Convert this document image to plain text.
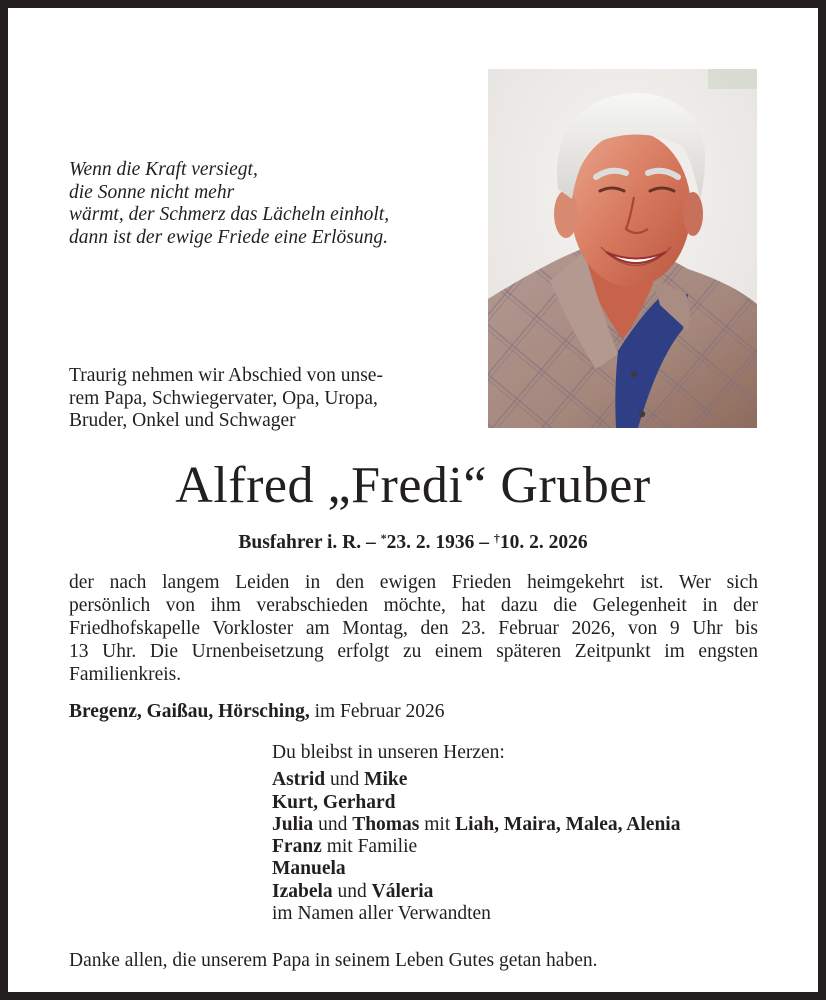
Wenn die Kraft versiegt,
die Sonne nicht mehr
wärmt, der Schmerz das Lächeln einholt,
dann ist der ewige Friede eine Erlösung.
Traurig nehmen wir Abschied von unse-
rem Papa, Schwiegervater, Opa, Uropa,
Bruder, Onkel und Schwager
Alfred „Fredi“ Gruber
Busfahrer i. R. – *23. 2. 1936 – †10. 2. 2026
der nach langem Leiden in den ewigen Frieden heimgekehrt ist. Wer sich
persönlich von ihm verabschieden möchte, hat dazu die Gelegenheit in der
Friedhofskapelle Vorkloster am Montag, den 23. Februar 2026, von 9 Uhr bis
13 Uhr. Die Urnenbeisetzung erfolgt zu einem späteren Zeitpunkt im engsten
Familienkreis.
Bregenz, Gaißau, Hörsching, im Februar 2026
Du bleibst in unseren Herzen:
Astrid und Mike
Kurt, Gerhard
Julia und Thomas mit Liah, Maira, Malea, Alenia
Franz mit Familie
Manuela
Izabela und Váleria
im Namen aller Verwandten
Danke allen, die unserem Papa in seinem Leben Gutes getan haben.
